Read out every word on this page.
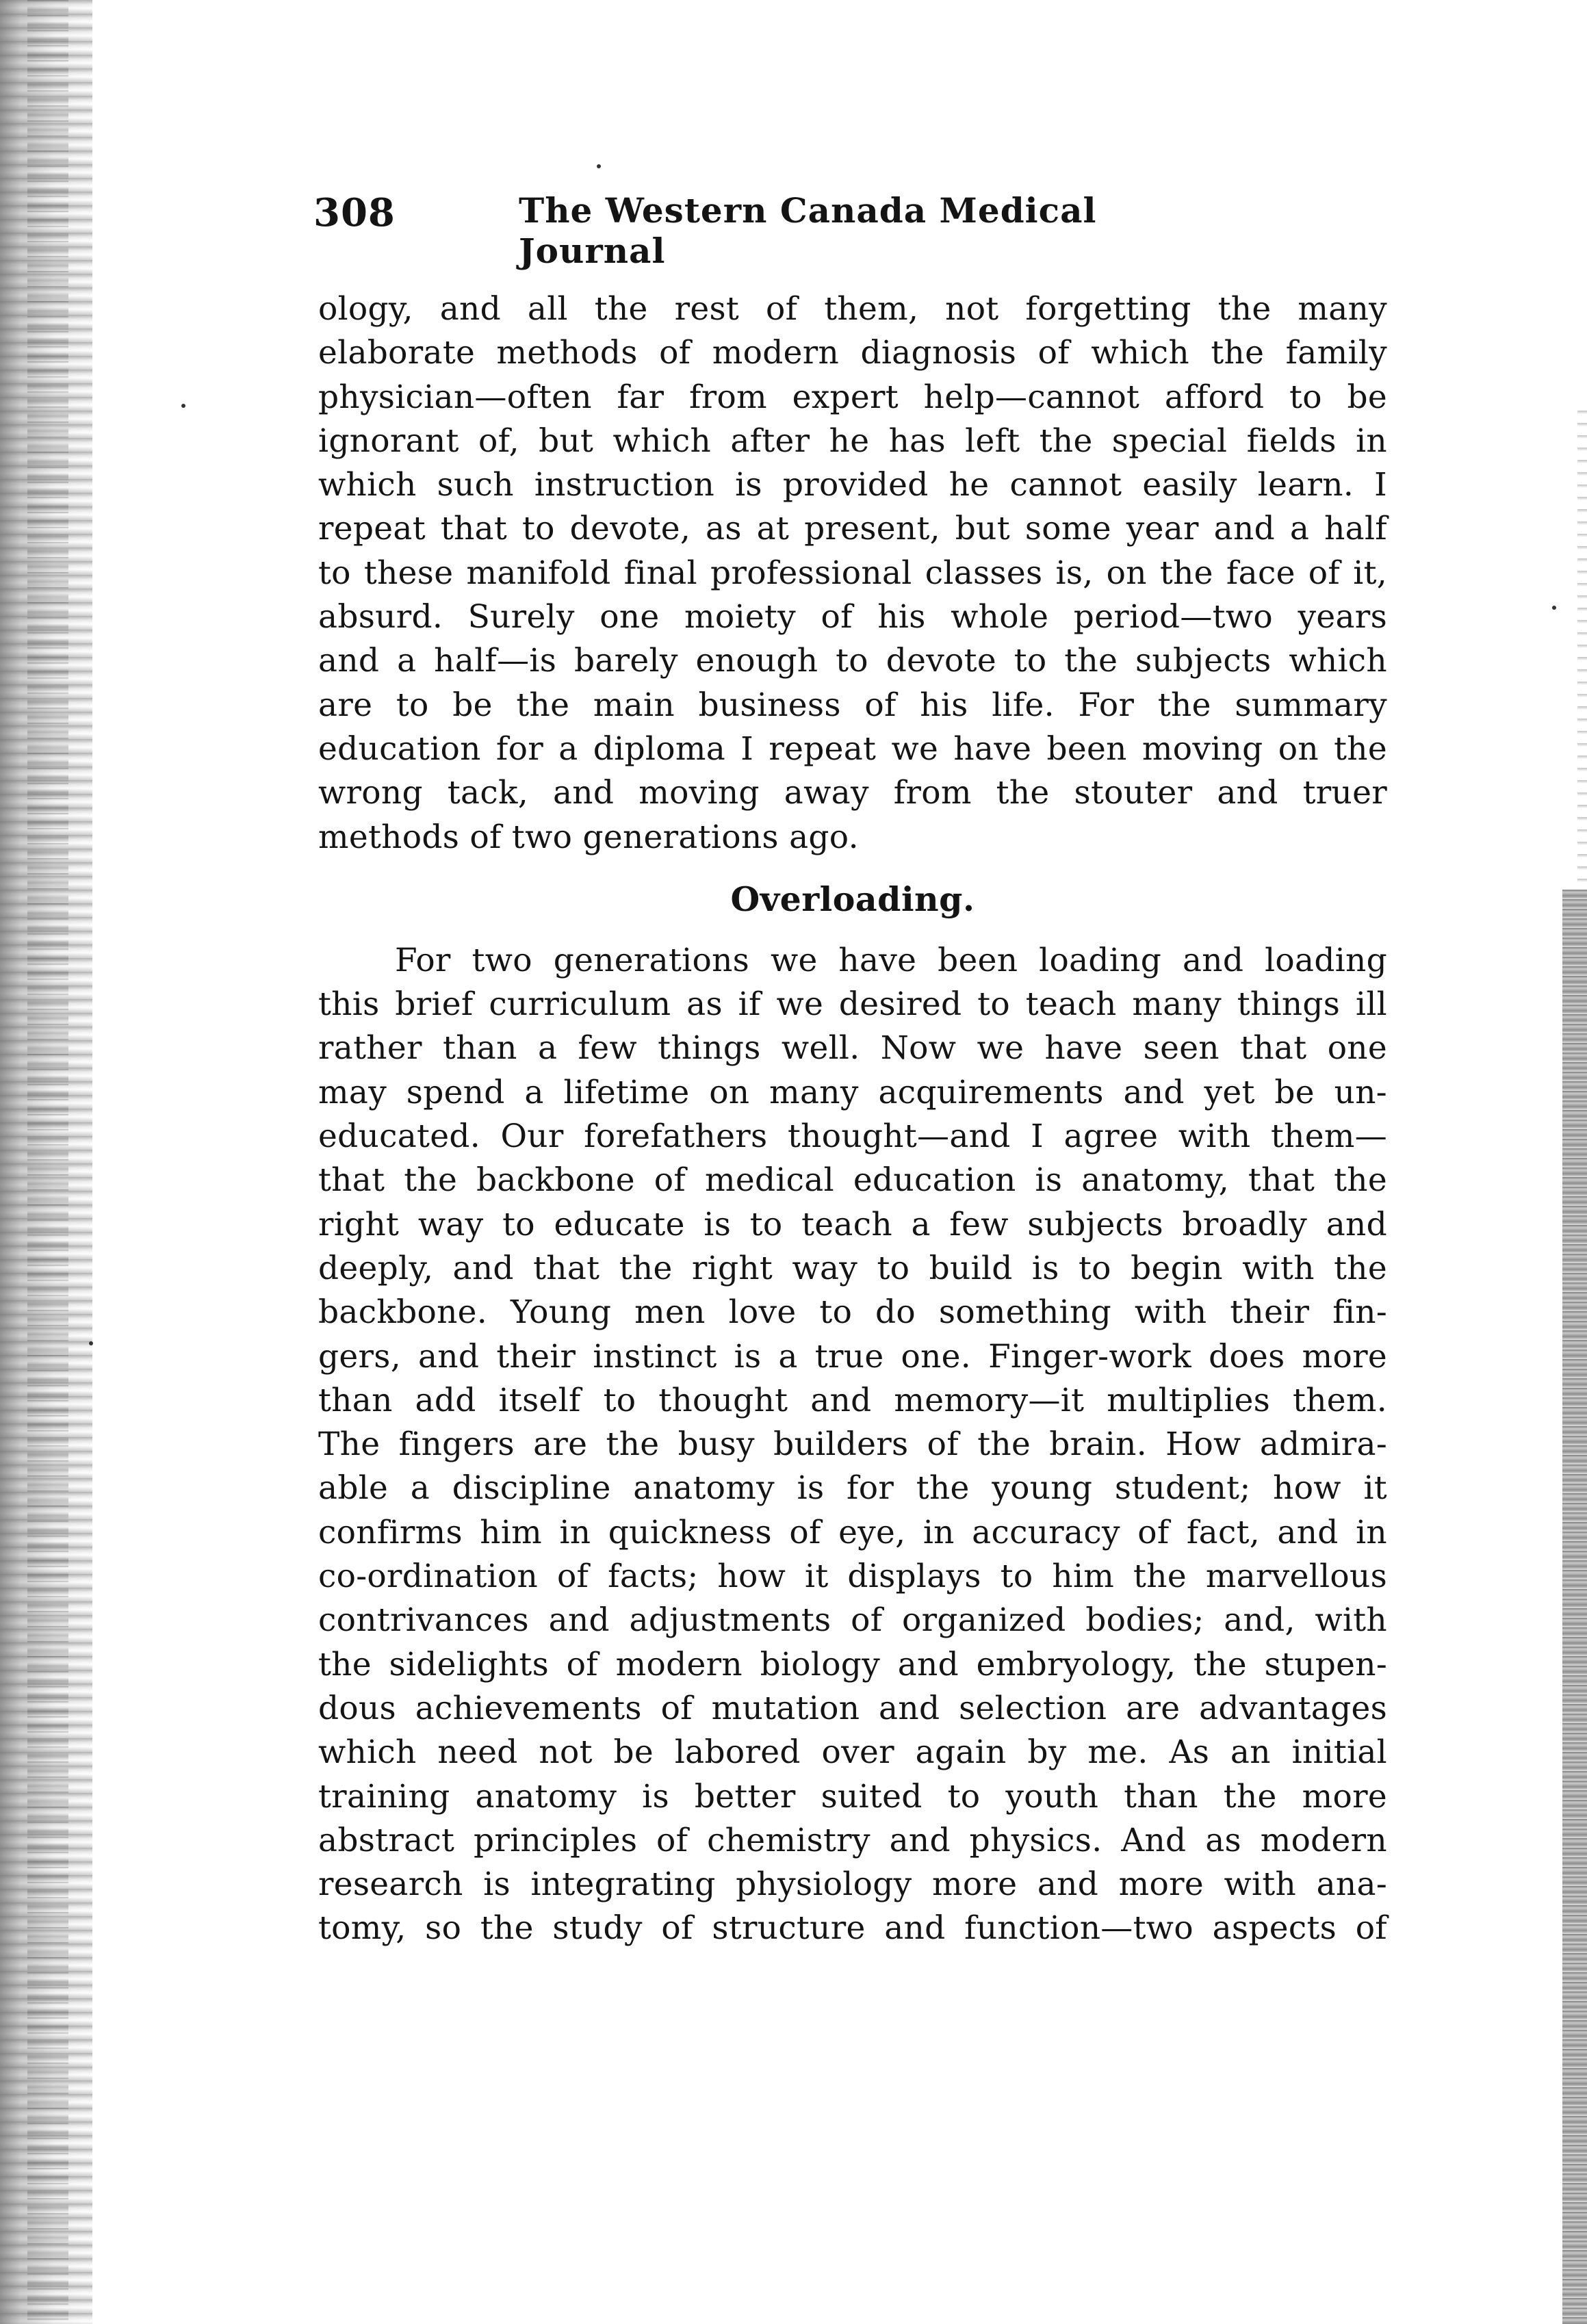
308	The Western Canada Medical Journal
ology, and all the rest of them, not forgetting the many
elaborate methods of modern diagnosis of which the family
physician—often far from expert help—cannot afford to be
ignorant of, but which after he has left the special fields in
which such instruction is provided he cannot easily learn. I
repeat that to devote, as at present, but some year and a half
to these manifold final professional classes is, on the face of it,
absurd. Surely one moiety of his whole period—two years
and a half—is barely enough to devote to the subjects which
are to be the main business of his life. For the summary
education for a diploma I repeat we have been moving on the
wrong tack, and moving away from the stouter and truer
methods of two generations ago.
Overloading.
For two generations we have been loading and loading
this brief curriculum as if we desired to teach many things ill
rather than a few things well. Now we have seen that one
may spend a lifetime on many acquirements and yet be un-
educated. Our forefathers thought—and I agree with them—
that the backbone of medical education is anatomy, that the
right way to educate is to teach a few subjects broadly and
deeply, and that the right way to build is to begin with the
backbone. Young men love to do something with their fin-
gers, and their instinct is a true one. Finger-work does more
than add itself to thought and memory—it multiplies them.
The fingers are the busy builders of the brain. How admira-
able a discipline anatomy is for the young student; how it
confirms him in quickness of eye, in accuracy of fact, and in
co-ordination of facts; how it displays to him the marvellous
contrivances and adjustments of organized bodies; and, with
the sidelights of modern biology and embryology, the stupen-
dous achievements of mutation and selection are advantages
which need not be labored over again by me. As an initial
training anatomy is better suited to youth than the more
abstract principles of chemistry and physics. And as modern
research is integrating physiology more and more with ana-
tomy, so the study of structure and function—two aspects of
